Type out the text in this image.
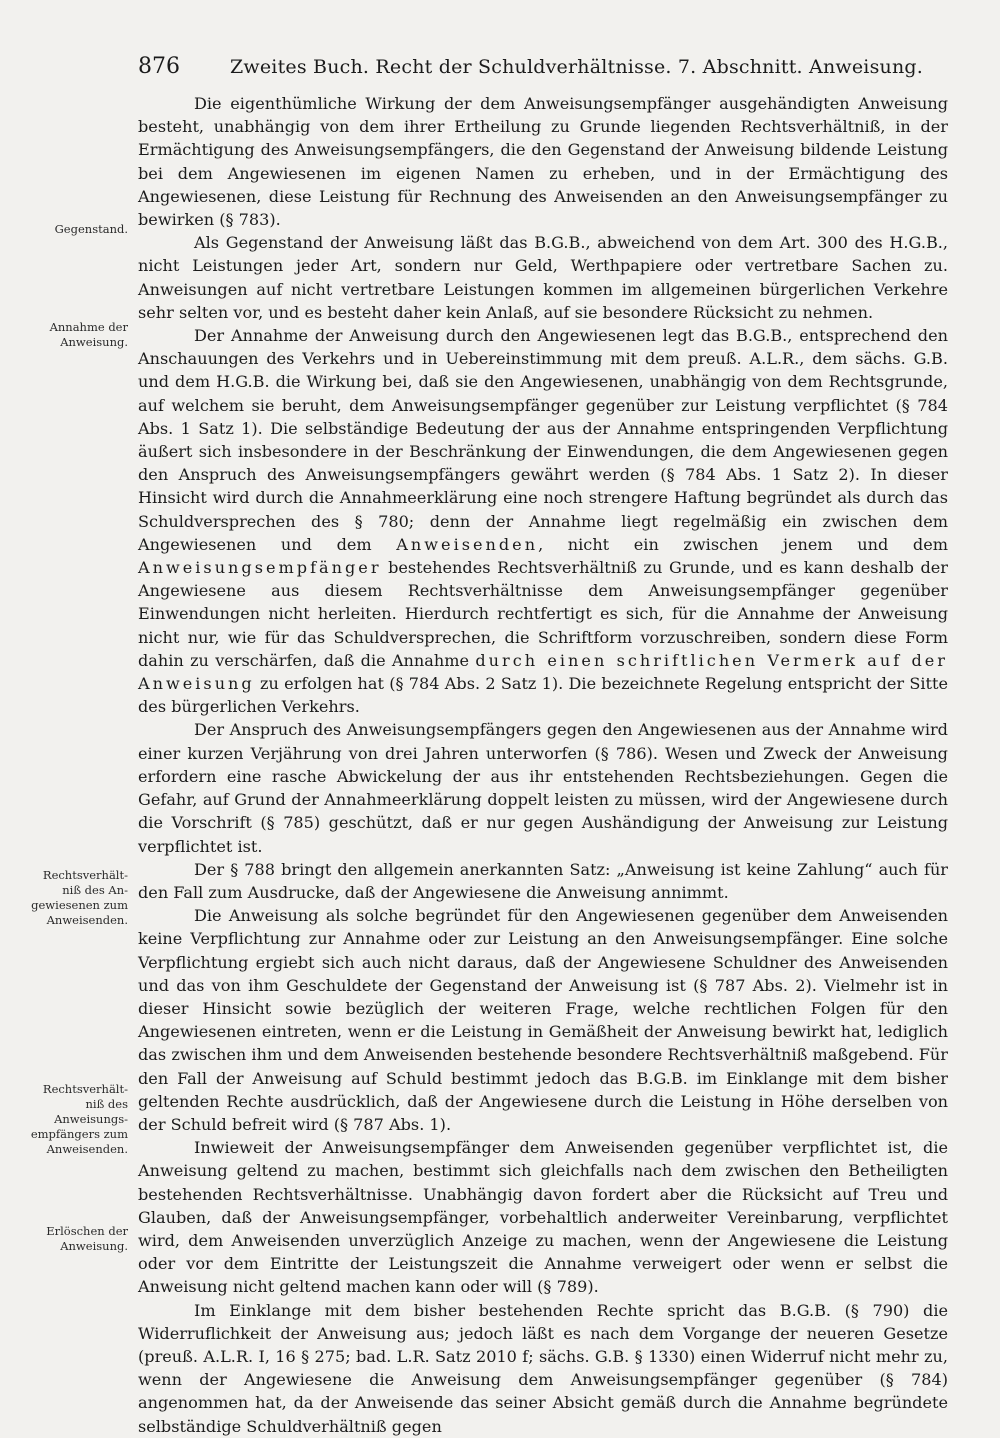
876	Zweites Buch. Recht der Schuldverhältnisse. 7. Abschnitt. Anweisung.
Gegenstand.
Annahme der
Anweisung.
Rechtsverhält-
niß des An-
gewiesenen zum
Anweisenden.
Rechtsverhält-
niß des
Anweisungs-
empfängers zum
Anweisenden.
Erlöschen der
Anweisung.

Die eigenthümliche Wirkung der dem Anweisungsempfänger ausgehändigten Anweisung besteht, unabhängig von dem ihrer Ertheilung zu Grunde liegenden Rechtsverhältniß, in der Ermächtigung des Anweisungsempfängers, die den Gegenstand der Anweisung bildende Leistung bei dem Angewiesenen im eigenen Namen zu erheben, und in der Ermächtigung des Angewiesenen, diese Leistung für Rechnung des Anweisenden an den Anweisungsempfänger zu bewirken (§ 783).

Als Gegenstand der Anweisung läßt das B.G.B., abweichend von dem Art. 300 des H.G.B., nicht Leistungen jeder Art, sondern nur Geld, Werthpapiere oder vertretbare Sachen zu. Anweisungen auf nicht vertretbare Leistungen kommen im allgemeinen bürgerlichen Verkehre sehr selten vor, und es besteht daher kein Anlaß, auf sie besondere Rücksicht zu nehmen.

Der Annahme der Anweisung durch den Angewiesenen legt das B.G.B., entsprechend den Anschauungen des Verkehrs und in Uebereinstimmung mit dem preuß. A.L.R., dem sächs. G.B. und dem H.G.B. die Wirkung bei, daß sie den Angewiesenen, unabhängig von dem Rechtsgrunde, auf welchem sie beruht, dem Anweisungsempfänger gegenüber zur Leistung verpflichtet (§ 784 Abs. 1 Satz 1). Die selbständige Bedeutung der aus der Annahme entspringenden Verpflichtung äußert sich insbesondere in der Beschränkung der Einwendungen, die dem Angewiesenen gegen den Anspruch des Anweisungsempfängers gewährt werden (§ 784 Abs. 1 Satz 2). In dieser Hinsicht wird durch die Annahmeerklärung eine noch strengere Haftung begründet als durch das Schuldversprechen des § 780; denn der Annahme liegt regelmäßig ein zwischen dem Angewiesenen und dem Anweisenden, nicht ein zwischen jenem und dem Anweisungsempfänger bestehendes Rechtsverhältniß zu Grunde, und es kann deshalb der Angewiesene aus diesem Rechtsverhältnisse dem Anweisungsempfänger gegenüber Einwendungen nicht herleiten. Hierdurch rechtfertigt es sich, für die Annahme der Anweisung nicht nur, wie für das Schuldversprechen, die Schriftform vorzuschreiben, sondern diese Form dahin zu verschärfen, daß die Annahme durch einen schriftlichen Vermerk auf der Anweisung zu erfolgen hat (§ 784 Abs. 2 Satz 1). Die bezeichnete Regelung entspricht der Sitte des bürgerlichen Verkehrs.

Der Anspruch des Anweisungsempfängers gegen den Angewiesenen aus der Annahme wird einer kurzen Verjährung von drei Jahren unterworfen (§ 786). Wesen und Zweck der Anweisung erfordern eine rasche Abwickelung der aus ihr entstehenden Rechtsbeziehungen. Gegen die Gefahr, auf Grund der Annahmeerklärung doppelt leisten zu müssen, wird der Angewiesene durch die Vorschrift (§ 785) geschützt, daß er nur gegen Aushändigung der Anweisung zur Leistung verpflichtet ist.

Der § 788 bringt den allgemein anerkannten Satz: „Anweisung ist keine Zahlung“ auch für den Fall zum Ausdrucke, daß der Angewiesene die Anweisung annimmt.

Die Anweisung als solche begründet für den Angewiesenen gegenüber dem Anweisenden keine Verpflichtung zur Annahme oder zur Leistung an den Anweisungsempfänger. Eine solche Verpflichtung ergiebt sich auch nicht daraus, daß der Angewiesene Schuldner des Anweisenden und das von ihm Geschuldete der Gegenstand der Anweisung ist (§ 787 Abs. 2). Vielmehr ist in dieser Hinsicht sowie bezüglich der weiteren Frage, welche rechtlichen Folgen für den Angewiesenen eintreten, wenn er die Leistung in Gemäßheit der Anweisung bewirkt hat, lediglich das zwischen ihm und dem Anweisenden bestehende besondere Rechtsverhältniß maßgebend. Für den Fall der Anweisung auf Schuld bestimmt jedoch das B.G.B. im Einklange mit dem bisher geltenden Rechte ausdrücklich, daß der Angewiesene durch die Leistung in Höhe derselben von der Schuld befreit wird (§ 787 Abs. 1).

Inwieweit der Anweisungsempfänger dem Anweisenden gegenüber verpflichtet ist, die Anweisung geltend zu machen, bestimmt sich gleichfalls nach dem zwischen den Betheiligten bestehenden Rechtsverhältnisse. Unabhängig davon fordert aber die Rücksicht auf Treu und Glauben, daß der Anweisungsempfänger, vorbehaltlich anderweiter Vereinbarung, verpflichtet wird, dem Anweisenden unverzüglich Anzeige zu machen, wenn der Angewiesene die Leistung oder vor dem Eintritte der Leistungszeit die Annahme verweigert oder wenn er selbst die Anweisung nicht geltend machen kann oder will (§ 789).

Im Einklange mit dem bisher bestehenden Rechte spricht das B.G.B. (§ 790) die Widerruflichkeit der Anweisung aus; jedoch läßt es nach dem Vorgange der neueren Gesetze (preuß. A.L.R. I, 16 § 275; bad. L.R. Satz 2010 f; sächs. G.B. § 1330) einen Widerruf nicht mehr zu, wenn der Angewiesene die Anweisung dem Anweisungsempfänger gegenüber (§ 784) angenommen hat, da der Anweisende das seiner Absicht gemäß durch die Annahme begründete selbständige Schuldverhältniß gegen
